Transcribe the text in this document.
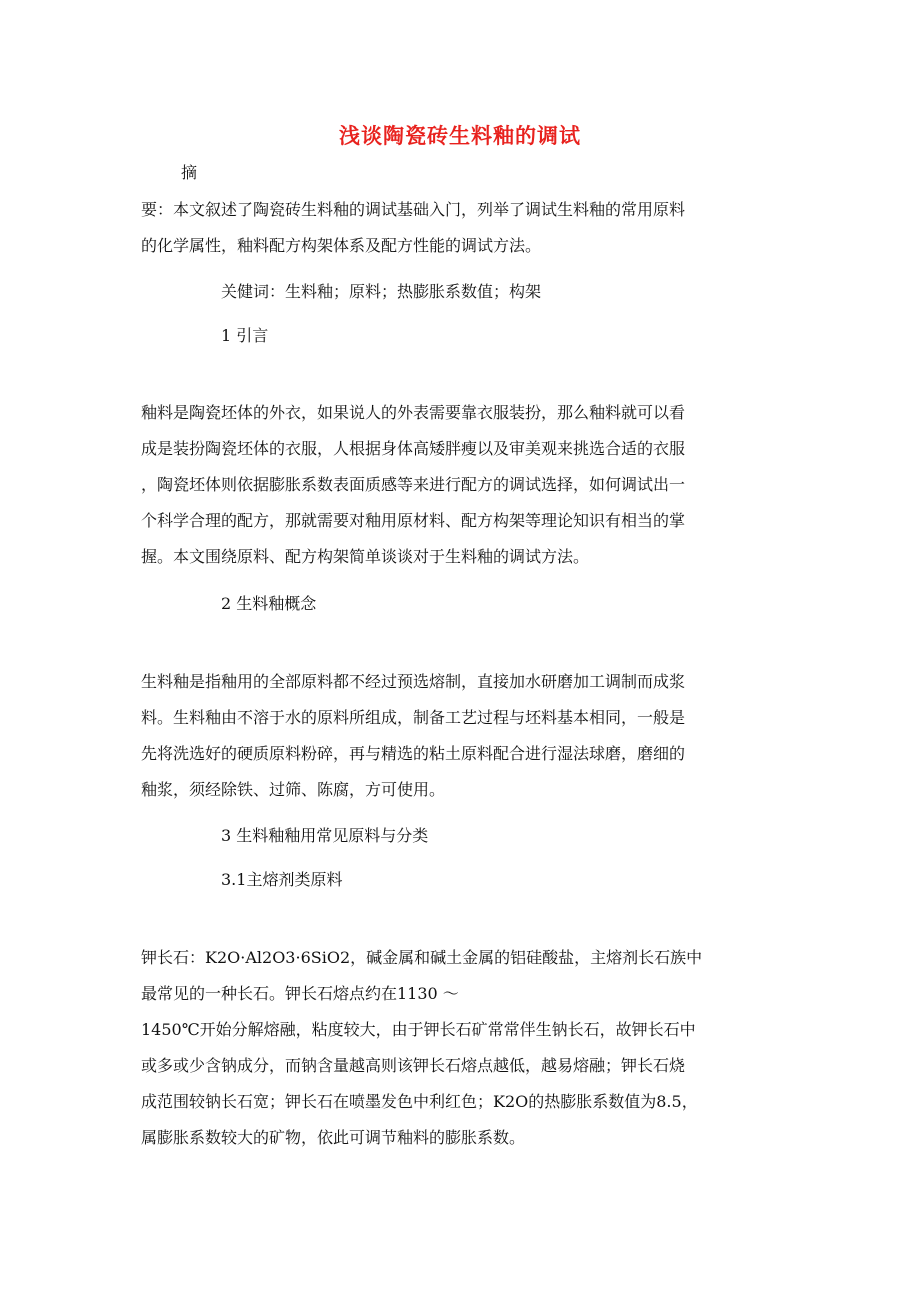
浅谈陶瓷砖生料釉的调试
摘
要：本文叙述了陶瓷砖生料釉的调试基础入门，列举了调试生料釉的常用原料
的化学属性，釉料配方构架体系及配方性能的调试方法。
关健词：生料釉；原料；热膨胀系数值；构架
1 引言
釉料是陶瓷坯体的外衣，如果说人的外表需要靠衣服装扮，那么釉料就可以看
成是装扮陶瓷坯体的衣服，人根据身体高矮胖瘦以及审美观来挑选合适的衣服
，陶瓷坯体则依据膨胀系数表面质感等来进行配方的调试选择，如何调试出一
个科学合理的配方，那就需要对釉用原材料、配方构架等理论知识有相当的掌
握。本文围绕原料、配方构架简单谈谈对于生料釉的调试方法。
2 生料釉概念
生料釉是指釉用的全部原料都不经过预选熔制，直接加水研磨加工调制而成浆
料。生料釉由不溶于水的原料所组成，制备工艺过程与坯料基本相同，一般是
先将洗选好的硬质原料粉碎，再与精选的粘土原料配合进行湿法球磨，磨细的
釉浆，须经除铁、过筛、陈腐，方可使用。
3 生料釉釉用常见原料与分类
3.1主熔剂类原料
钾长石：K2O·Al2O3·6SiO2，碱金属和碱土金属的铝硅酸盐，主熔剂长石族中
最常见的一种长石。钾长石熔点约在1130 ～
1450℃开始分解熔融，粘度较大，由于钾长石矿常常伴生钠长石，故钾长石中
或多或少含钠成分，而钠含量越高则该钾长石熔点越低，越易熔融；钾长石烧
成范围较钠长石宽；钾长石在喷墨发色中利红色；K2O的热膨胀系数值为8.5，
属膨胀系数较大的矿物，依此可调节釉料的膨胀系数。
